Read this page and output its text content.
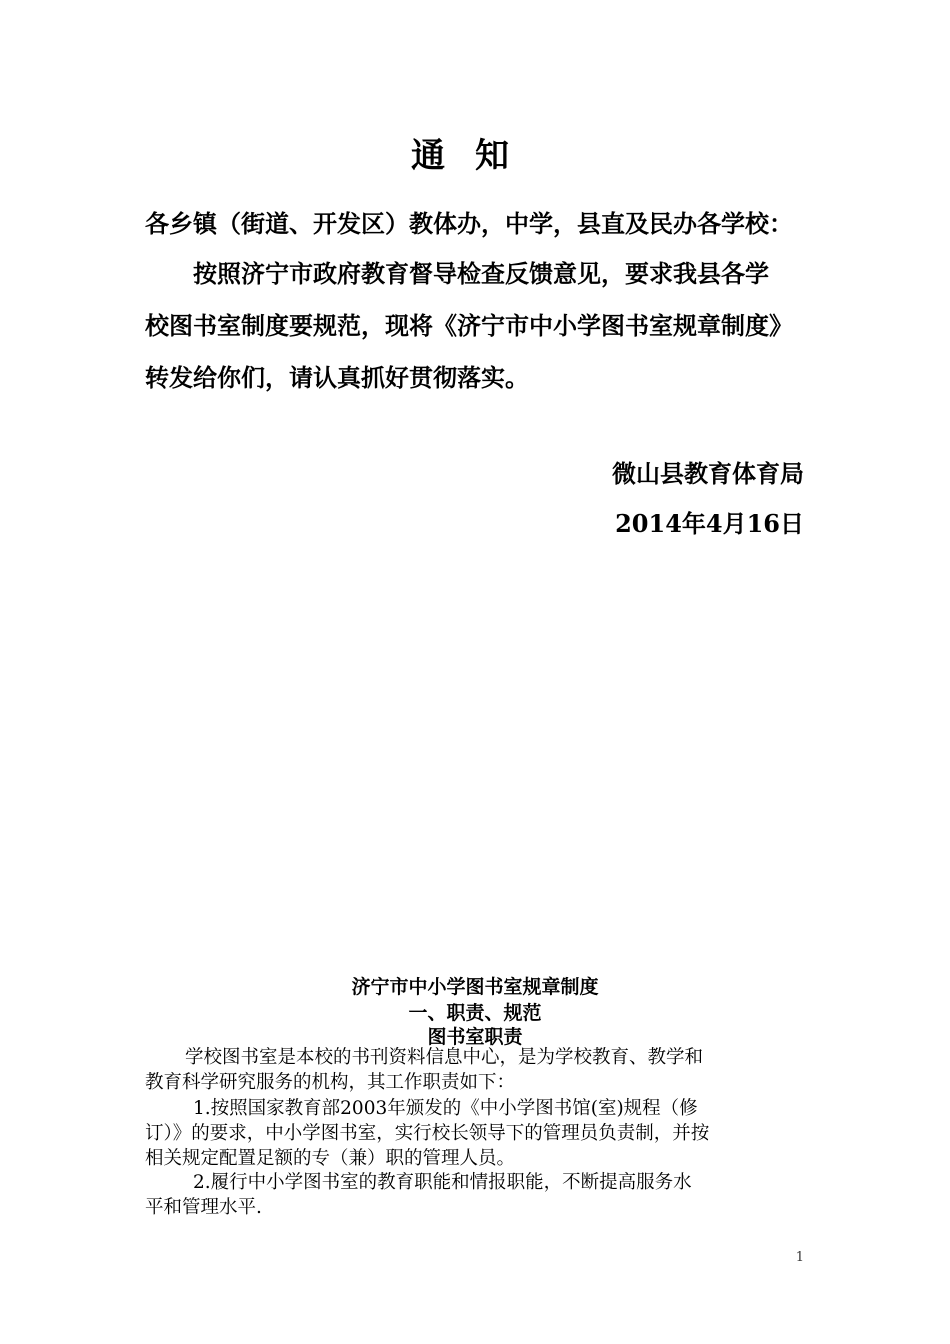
通知
各乡镇（街道、开发区）教体办，中学，县直及民办各学校：
按照济宁市政府教育督导检查反馈意见，要求我县各学
校图书室制度要规范，现将《济宁市中小学图书室规章制度》
转发给你们，请认真抓好贯彻落实。
微山县教育体育局
2014年4月16日
济宁市中小学图书室规章制度
一、职责、规范
图书室职责
学校图书室是本校的书刊资料信息中心，是为学校教育、教学和
教育科学研究服务的机构，其工作职责如下：
1.按照国家教育部2003年颁发的《中小学图书馆(室)规程（修
订）》的要求，中小学图书室，实行校长领导下的管理员负责制，并按
相关规定配置足额的专（兼）职的管理人员。
2.履行中小学图书室的教育职能和情报职能，不断提高服务水
平和管理水平.
1
